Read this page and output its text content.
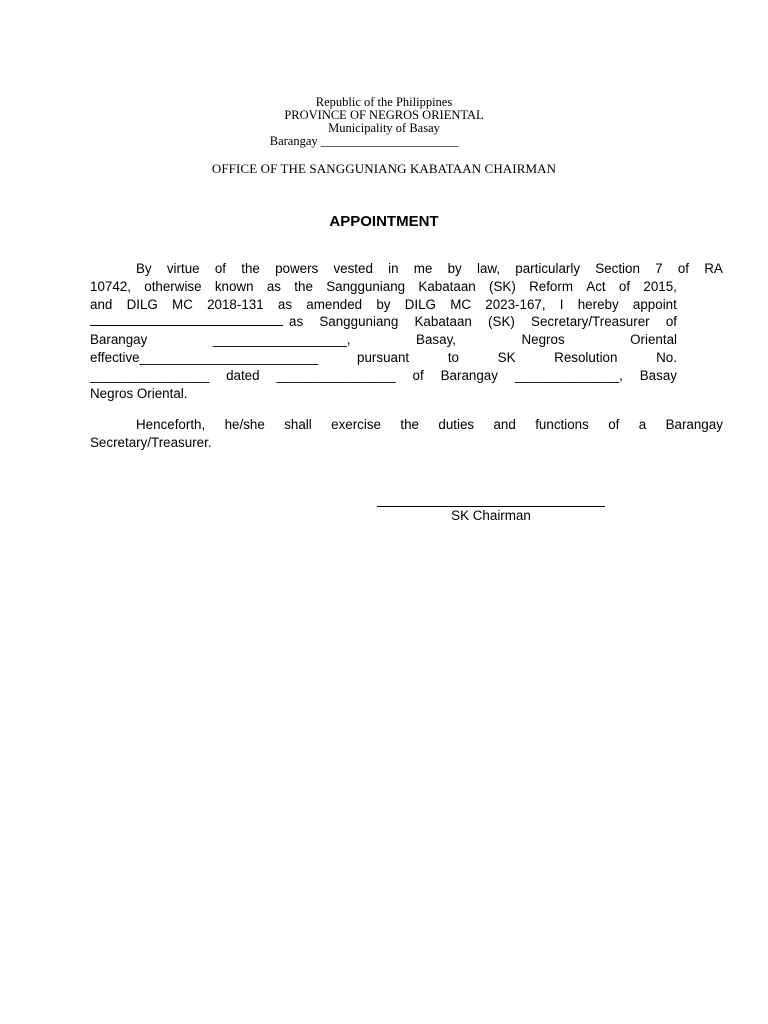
Republic of the Philippines
PROVINCE OF NEGROS ORIENTAL
Municipality of Basay
Barangay ______________________
OFFICE OF THE SANGGUNIANG KABATAAN CHAIRMAN
APPOINTMENT
By virtue of the powers vested in me by law, particularly Section 7 of RA
10742, otherwise known as the Sangguniang Kabataan (SK) Reform Act of 2015,
and DILG MC 2018-131 as amended by DILG MC 2023-167, I hereby appoint
as Sangguniang Kabataan (SK) Secretary/Treasurer of
Barangay	__________________,	Basay,	Negros	Oriental
effective________________________	pursuant	to	SK	Resolution	No.
________________ dated ________________ of Barangay ______________, Basay
Negros Oriental.
Henceforth, he/she shall exercise the duties and functions of a Barangay
Secretary/Treasurer.
SK Chairman
